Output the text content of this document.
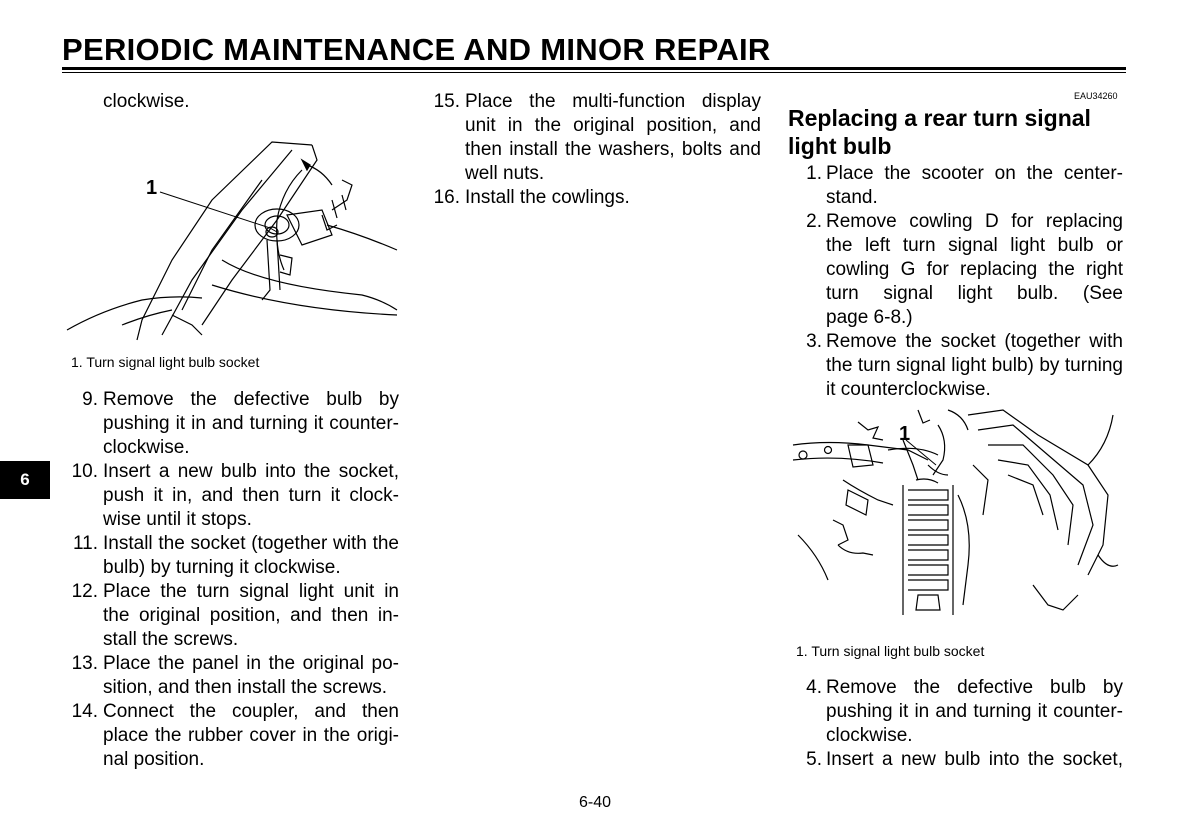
PERIODIC MAINTENANCE AND MINOR REPAIR
6
clockwise.
1
1. Turn signal light bulb socket
9. Remove the defective bulb by
pushing it in and turning it counter-
clockwise.
10. Insert a new bulb into the socket,
push it in, and then turn it clock-
wise until it stops.
11. Install the socket (together with the
bulb) by turning it clockwise.
12. Place the turn signal light unit in
the original position, and then in-
stall the screws.
13. Place the panel in the original po-
sition, and then install the screws.
14. Connect the coupler, and then
place the rubber cover in the origi-
nal position.
15. Place the multi-function display
unit in the original position, and
then install the washers, bolts and
well nuts.
16. Install the cowlings.
EAU34260
Replacing a rear turn signal
light bulb
1. Place the scooter on the center-
stand.
2. Remove cowling D for replacing
the left turn signal light bulb or
cowling G for replacing the right
turn signal light bulb. (See
page 6-8.)
3. Remove the socket (together with
the turn signal light bulb) by turning
it counterclockwise.
1
1. Turn signal light bulb socket
4. Remove the defective bulb by
pushing it in and turning it counter-
clockwise.
5. Insert a new bulb into the socket,
6-40
